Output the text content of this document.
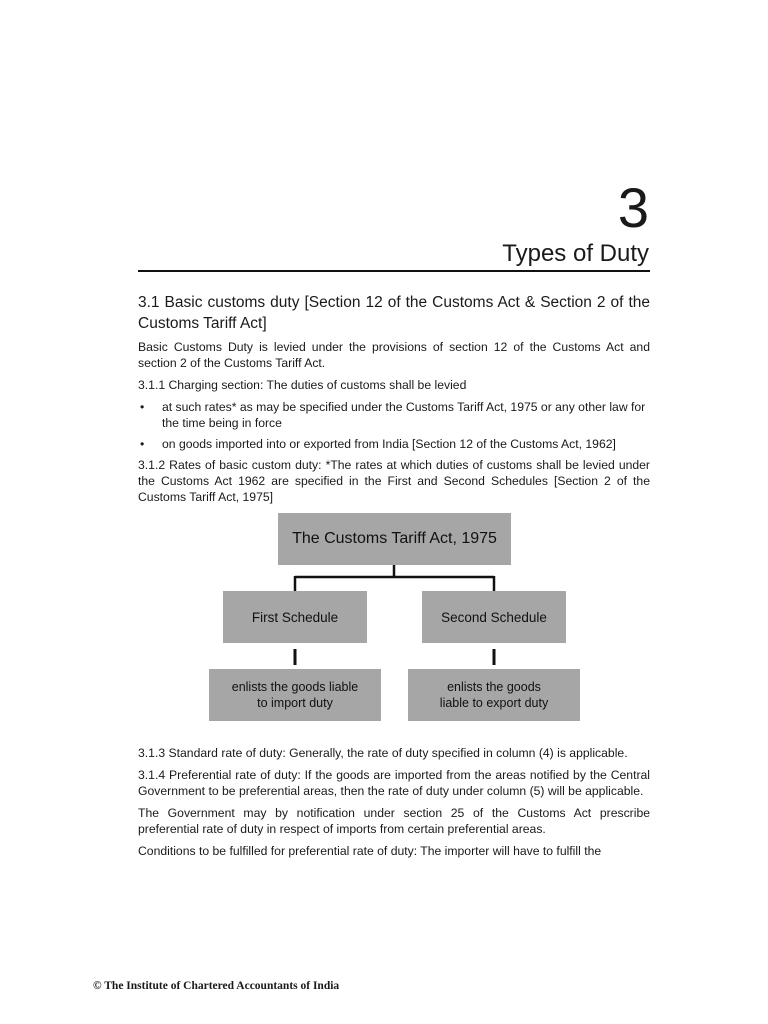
3
Types of Duty
3.1 Basic customs duty [Section 12 of the Customs Act & Section 2 of the Customs Tariff Act]

Basic Customs Duty is levied under the provisions of section 12 of the Customs Act and section 2 of the Customs Tariff Act.

3.1.1 Charging section: The duties of customs shall be levied

• at such rates* as may be specified under the Customs Tariff Act, 1975 or any other law for the time being in force
• on goods imported into or exported from India [Section 12 of the Customs Act, 1962]

3.1.2 Rates of basic custom duty: *The rates at which duties of customs shall be levied under the Customs Act 1962 are specified in the First and Second Schedules [Section 2 of the Customs Tariff Act, 1975]

The Customs Tariff Act, 1975
First Schedule	Second Schedule
enlists the goods liable
to import duty
enlists the goods
liable to export duty

3.1.3 Standard rate of duty: Generally, the rate of duty specified in column (4) is applicable.

3.1.4 Preferential rate of duty: If the goods are imported from the areas notified by the Central Government to be preferential areas, then the rate of duty under column (5) will be applicable.

The Government may by notification under section 25 of the Customs Act prescribe preferential rate of duty in respect of imports from certain preferential areas.

Conditions to be fulfilled for preferential rate of duty: The importer will have to fulfill the

© The Institute of Chartered Accountants of India
